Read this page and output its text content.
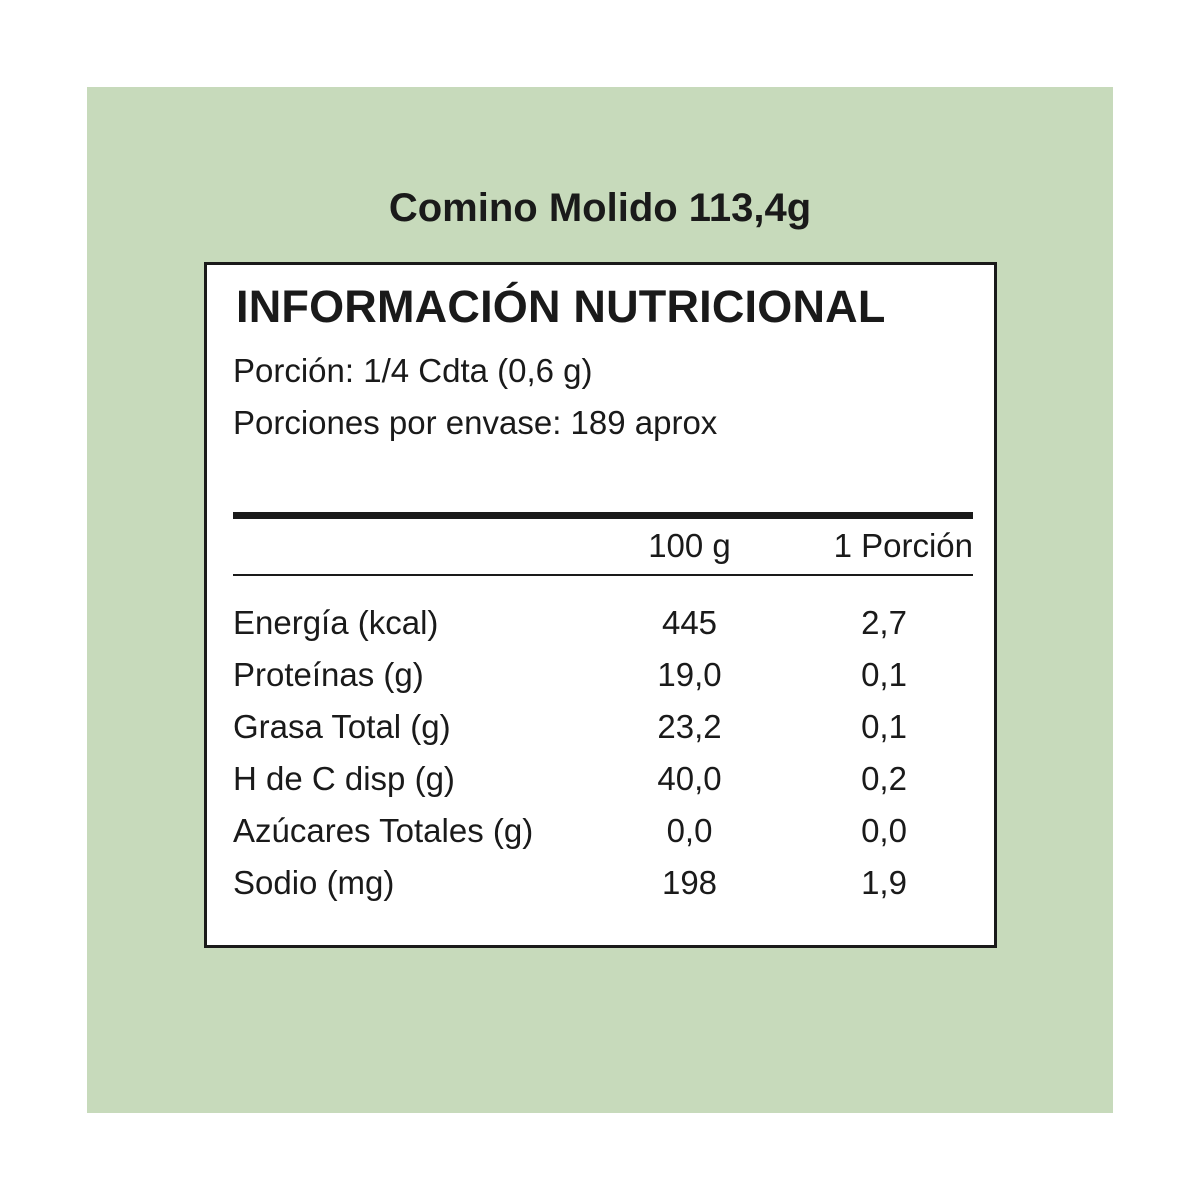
Comino Molido 113,4g
INFORMACIÓN NUTRICIONAL
Porción: 1/4 Cdta (0,6 g)
Porciones por envase: 189 aprox
100 g	1 Porción
Energía (kcal)	445	2,7
Proteínas (g)	19,0	0,1
Grasa Total (g)	23,2	0,1
H de C disp (g)	40,0	0,2
Azúcares Totales (g)	0,0	0,0
Sodio (mg)	198	1,9
